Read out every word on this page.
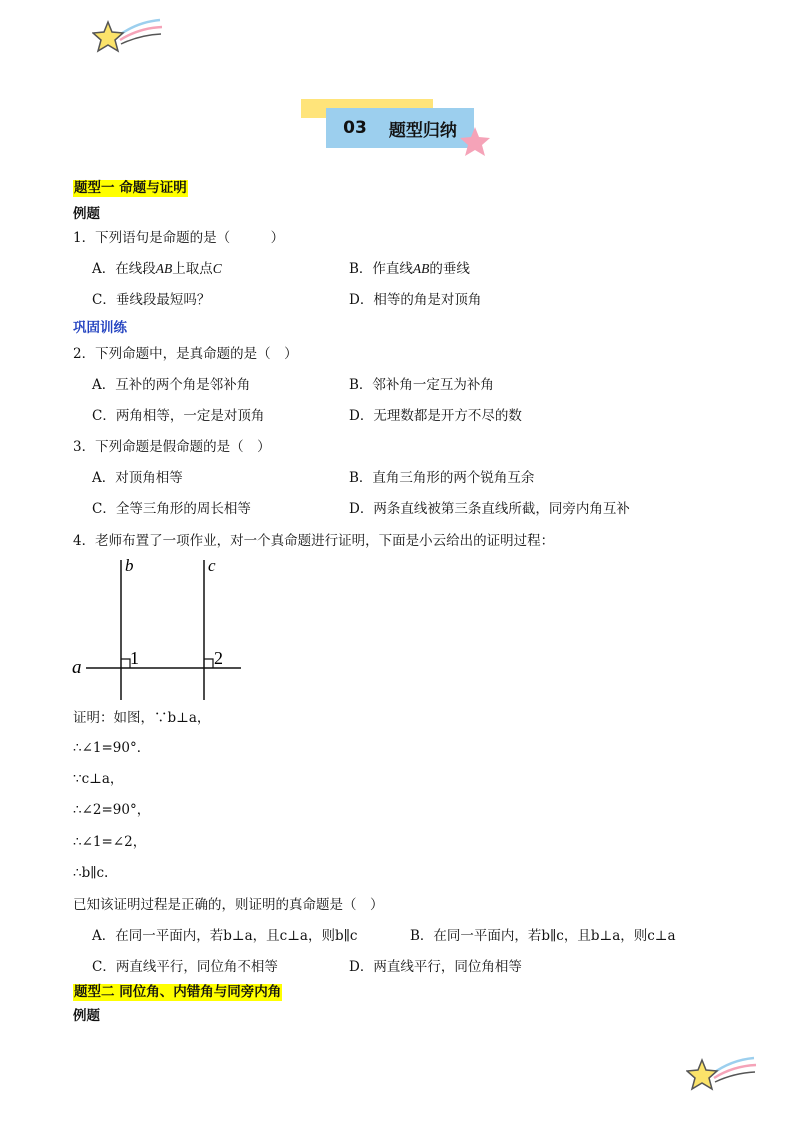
03 题型归纳
题型一 命题与证明
例题
1．下列语句是命题的是（　　　）
A．在线段AB上取点C	B．作直线AB的垂线
C．垂线段最短吗？	D．相等的角是对顶角
巩固训练
2．下列命题中，是真命题的是（　）
A．互补的两个角是邻补角	B．邻补角一定互为补角
C．两角相等，一定是对顶角	D．无理数都是开方不尽的数
3．下列命题是假命题的是（　）
A．对顶角相等	B．直角三角形的两个锐角互余
C．全等三角形的周长相等	D．两条直线被第三条直线所截，同旁内角互补
4．老师布置了一项作业，对一个真命题进行证明，下面是小云给出的证明过程：
a
b	c
1	2
证明：如图，∵b⊥a，
∴∠1=90°．
∵c⊥a，
∴∠2=90°，
∴∠1=∠2，
∴b∥c.
已知该证明过程是正确的，则证明的真命题是（　）
A．在同一平面内，若b⊥a，且c⊥a，则b∥c	B．在同一平面内，若b∥c，且b⊥a，则c⊥a
C．两直线平行，同位角不相等	D．两直线平行，同位角相等
题型二 同位角、内错角与同旁内角
例题
